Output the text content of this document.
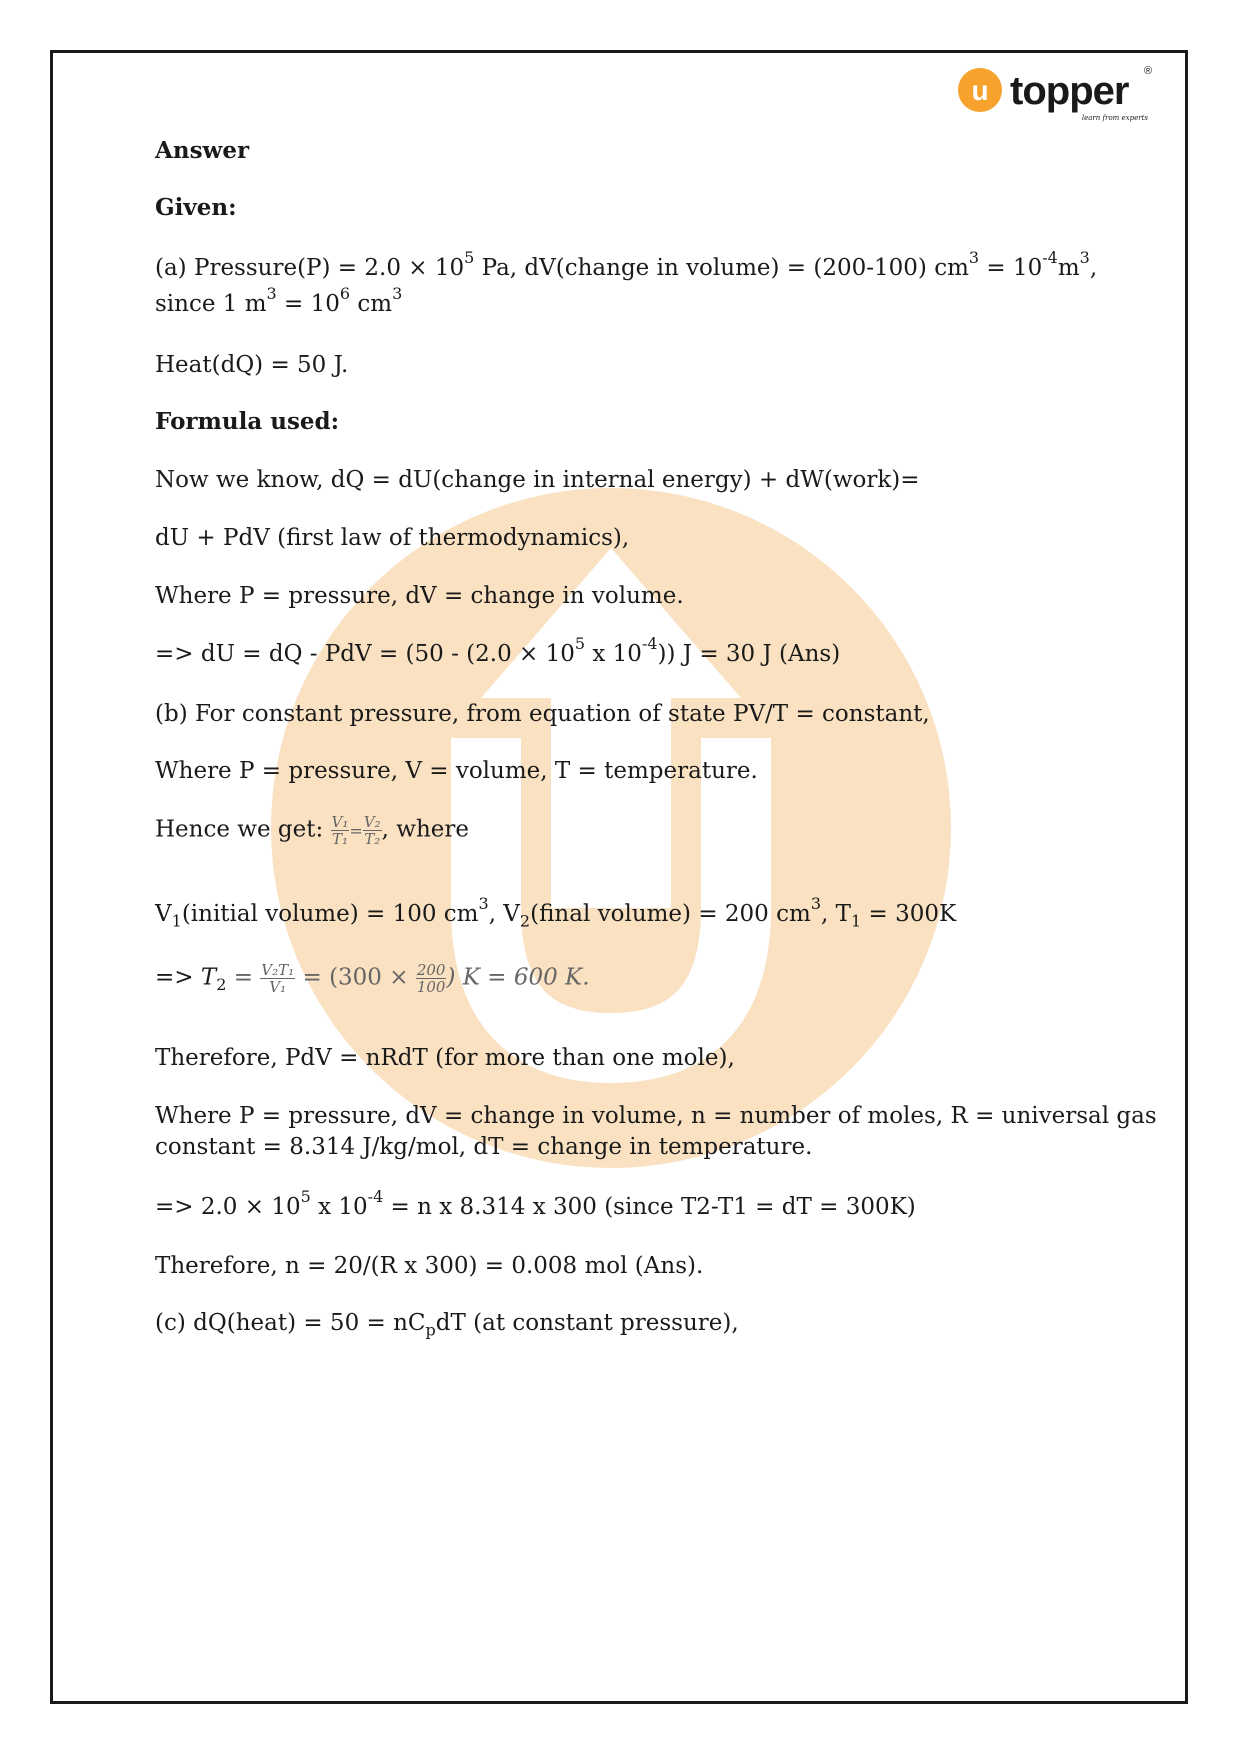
u topper ®
learn from experts
Answer
Given:
(a) Pressure(P) = $2.0 \times 10^5$ Pa, dV(change in volume) = (200-100) $cm^3 = 10^{-4}m^3$,
since 1 $m^3 = 10^6$ $cm^3$
Heat(dQ) = 50 J.
Formula used:
Now we know, dQ = dU(change in internal energy) + dW(work)=
dU + PdV (first law of thermodynamics),
Where P = pressure, dV = change in volume.
=> dU = dQ - PdV = ($50 - (2.0 \times 10^5$ x $10^{-4}$)) J = 30 J (Ans)
(b) For constant pressure, from equation of state PV/T = constant,
Where P = pressure, V = volume, T = temperature.
Hence we get: $\frac{\text{V₁}}{\text{T₁}} = \frac{\text{V₂}}{\text{T₂}}$ , where
$V_1(initial$ volume) = 100 $cm^3$, $V_2(final$ volume) = 200 $cm^3$, $T_1 = 300K$
=> $T_2 = \frac{\text{V₂T₁}}{\text{V₁}} = (300 \times \frac{200}{100}$ ) K = 600 K.
Therefore, PdV = nRdT (for more than one mole),
Where P = pressure, dV = change in volume, n = number of moles, R = universal gas
constant = 8.314 J/kg/mol, dT = change in temperature.
=> $2.0 \times 10^5$ x $10^{-4} = n$ x 8.314 x 300 (since T2-T1 = dT = 300K)
Therefore, n = 20/(R x 300) = 0.008 mol (Ans).
(c) dQ(heat) = $50 = nC_pdT$ (at constant pressure),
